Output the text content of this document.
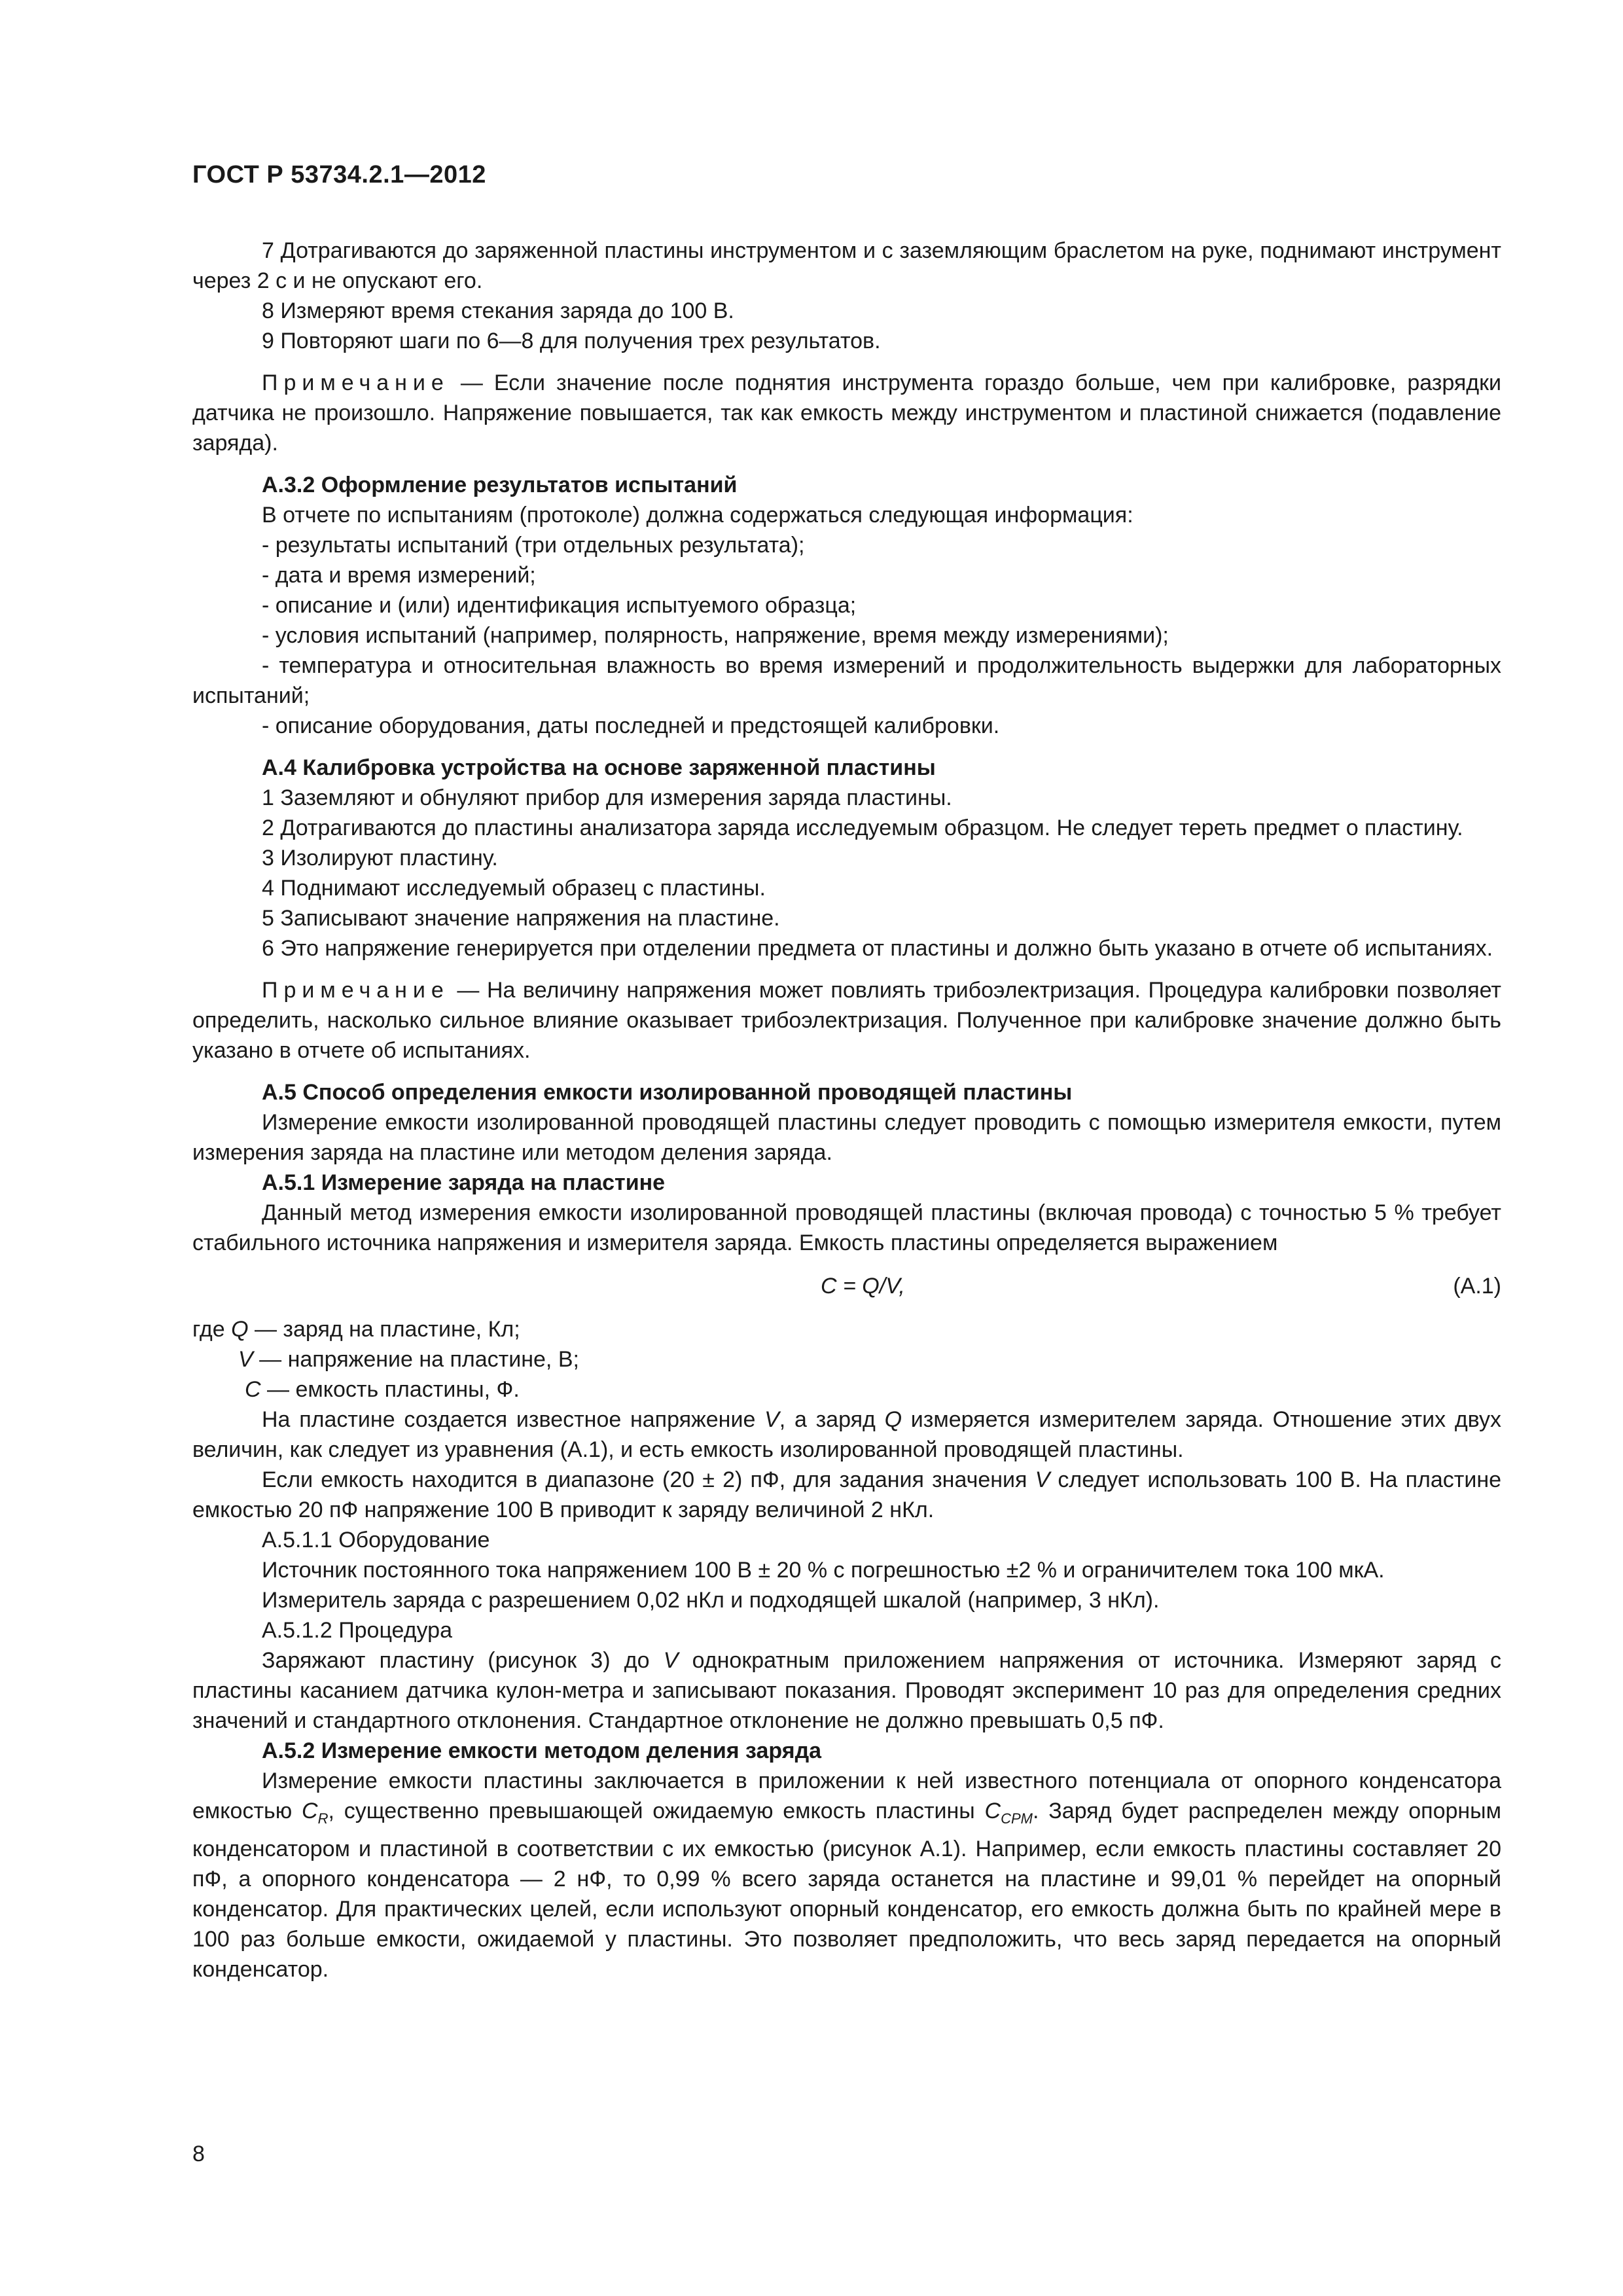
ГОСТ Р 53734.2.1—2012

7 Дотрагиваются до заряженной пластины инструментом и с заземляющим браслетом на руке, поднимают инструмент через 2 с и не опускают его.

8 Измеряют время стекания заряда до 100 В.

9 Повторяют шаги по 6—8 для получения трех результатов.

Примечание — Если значение после поднятия инструмента гораздо больше, чем при калибровке, разрядки датчика не произошло. Напряжение повышается, так как емкость между инструментом и пластиной снижается (подавление заряда).

А.3.2 Оформление результатов испытаний

В отчете по испытаниям (протоколе) должна содержаться следующая информация:

- результаты испытаний (три отдельных результата);

- дата и время измерений;

- описание и (или) идентификация испытуемого образца;

- условия испытаний (например, полярность, напряжение, время между измерениями);

- температура и относительная влажность во время измерений и продолжительность выдержки для лабораторных испытаний;

- описание оборудования, даты последней и предстоящей калибровки.

А.4 Калибровка устройства на основе заряженной пластины

1 Заземляют и обнуляют прибор для измерения заряда пластины.

2 Дотрагиваются до пластины анализатора заряда исследуемым образцом. Не следует тереть предмет о пластину.

3 Изолируют пластину.

4 Поднимают исследуемый образец с пластины.

5 Записывают значение напряжения на пластине.

6 Это напряжение генерируется при отделении предмета от пластины и должно быть указано в отчете об испытаниях.

Примечание — На величину напряжения может повлиять трибоэлектризация. Процедура калибровки позволяет определить, насколько сильное влияние оказывает трибоэлектризация. Полученное при калибровке значение должно быть указано в отчете об испытаниях.

А.5 Способ определения емкости изолированной проводящей пластины

Измерение емкости изолированной проводящей пластины следует проводить с помощью измерителя емкости, путем измерения заряда на пластине или методом деления заряда.

А.5.1 Измерение заряда на пластине

Данный метод измерения емкости изолированной проводящей пластины (включая провода) с точностью 5 % требует стабильного источника напряжения и измерителя заряда. Емкость пластины определяется выражением

C = Q/V,	(А.1)

где Q — заряд на пластине, Кл;

V — напряжение на пластине, В;

C — емкость пластины, Ф.

На пластине создается известное напряжение V, а заряд Q измеряется измерителем заряда. Отношение этих двух величин, как следует из уравнения (А.1), и есть емкость изолированной проводящей пластины.

Если емкость находится в диапазоне (20 ± 2) пФ, для задания значения V следует использовать 100 В. На пластине емкостью 20 пФ напряжение 100 В приводит к заряду величиной 2 нКл.

А.5.1.1 Оборудование

Источник постоянного тока напряжением 100 В ± 20 % с погрешностью ±2 % и ограничителем тока 100 мкА.

Измеритель заряда с разрешением 0,02 нКл и подходящей шкалой (например, 3 нКл).

А.5.1.2 Процедура

Заряжают пластину (рисунок 3) до V однократным приложением напряжения от источника. Измеряют заряд с пластины касанием датчика кулон-метра и записывают показания. Проводят эксперимент 10 раз для определения средних значений и стандартного отклонения. Стандартное отклонение не должно превышать 0,5 пФ.

А.5.2 Измерение емкости методом деления заряда

Измерение емкости пластины заключается в приложении к ней известного потенциала от опорного конденсатора емкостью $C_R$, существенно превышающей ожидаемую емкость пластины $C_{CPM}$. Заряд будет распределен между опорным конденсатором и пластиной в соответствии с их емкостью (рисунок А.1). Например, если емкость пластины составляет 20 пФ, а опорного конденсатора — 2 нФ, то 0,99 % всего заряда останется на пластине и 99,01 % перейдет на опорный конденсатор. Для практических целей, если используют опорный конденсатор, его емкость должна быть по крайней мере в 100 раз больше емкости, ожидаемой у пластины. Это позволяет предположить, что весь заряд передается на опорный конденсатор.

8
